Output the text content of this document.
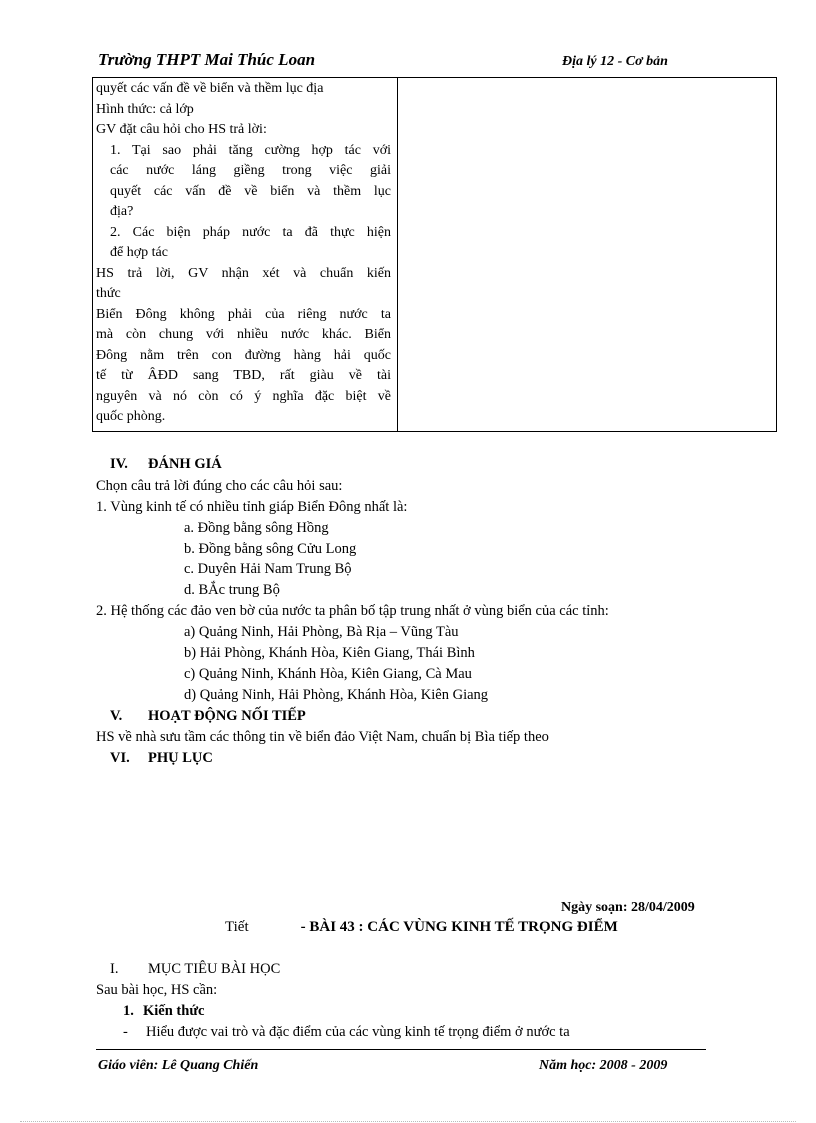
Trường THPT Mai Thúc Loan	Địa lý 12 - Cơ bản
quyết các vấn đề về biển và thềm lục địa
Hình thức: cả lớp
GV đặt câu hỏi cho HS trả lời:
1. Tại sao phải tăng cường hợp tác với
các nước láng giềng trong việc giải
quyết các vấn đề về biển và thềm lục
địa?
2. Các biện pháp nước ta đã thực hiện
để hợp tác
HS trả lời, GV nhận xét và chuẩn kiến
thức
Biển Đông không phải của riêng nước ta
mà còn chung với nhiều nước khác. Biển
Đông nằm trên con đường hàng hải quốc
tế từ ÂĐD sang TBD, rất giàu về tài
nguyên và nó còn có ý nghĩa đặc biệt về
quốc phòng.
IV. ĐÁNH GIÁ
Chọn câu trả lời đúng cho các câu hỏi sau:
1. Vùng kinh tế có nhiều tỉnh giáp Biển Đông nhất là:
a. Đồng bằng sông Hồng
b. Đồng bằng sông Cửu Long
c. Duyên Hải Nam Trung Bộ
d. BẮc trung Bộ
2. Hệ thống các đảo ven bờ của nước ta phân bố tập trung nhất ở vùng biển của các tỉnh:
a) Quảng Ninh, Hải Phòng, Bà Rịa – Vũng Tàu
b) Hải Phòng, Khánh Hòa, Kiên Giang, Thái Bình
c) Quảng Ninh, Khánh Hòa, Kiên Giang, Cà Mau
d) Quảng Ninh, Hải Phòng, Khánh Hòa, Kiên Giang
V. HOẠT ĐỘNG NỐI TIẾP
HS về nhà sưu tầm các thông tin về biển đảo Việt Nam, chuẩn bị Bìa tiếp theo
VI. PHỤ LỤC
Ngày soạn: 28/04/2009
Tiết	- BÀI 43 : CÁC VÙNG KINH TẾ TRỌNG ĐIỂM
I. MỤC TIÊU BÀI HỌC
Sau bài học, HS cần:
1. Kiến thức
- Hiểu được vai trò và đặc điểm của các vùng kinh tế trọng điểm ở nước ta
Giáo viên: Lê Quang Chiến	Năm học: 2008 - 2009
